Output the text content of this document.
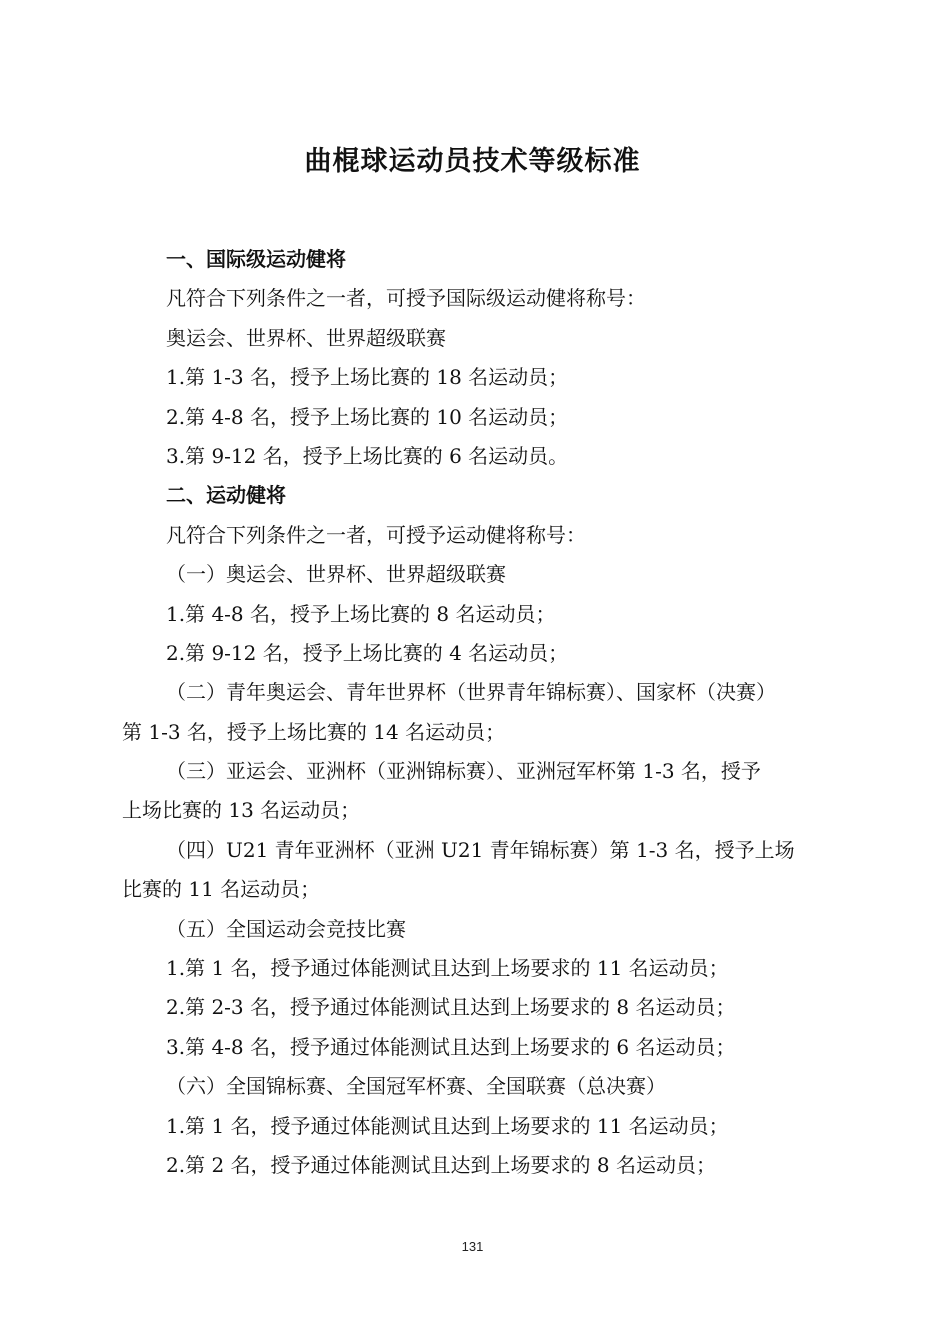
曲棍球运动员技术等级标准
一、国际级运动健将
凡符合下列条件之一者，可授予国际级运动健将称号：
奥运会、世界杯、世界超级联赛
1.第 1-3 名，授予上场比赛的 18 名运动员；
2.第 4-8 名，授予上场比赛的 10 名运动员；
3.第 9-12 名，授予上场比赛的 6 名运动员。
二、运动健将
凡符合下列条件之一者，可授予运动健将称号：
（一）奥运会、世界杯、世界超级联赛
1.第 4-8 名，授予上场比赛的 8 名运动员；
2.第 9-12 名，授予上场比赛的 4 名运动员；
（二）青年奥运会、青年世界杯（世界青年锦标赛）、国家杯（决赛）
第 1-3 名，授予上场比赛的 14 名运动员；
（三）亚运会、亚洲杯（亚洲锦标赛）、亚洲冠军杯第 1-3 名，授予
上场比赛的 13 名运动员；
（四）U21 青年亚洲杯（亚洲 U21 青年锦标赛）第 1-3 名，授予上场
比赛的 11 名运动员；
（五）全国运动会竞技比赛
1.第 1 名，授予通过体能测试且达到上场要求的 11 名运动员；
2.第 2-3 名，授予通过体能测试且达到上场要求的 8 名运动员；
3.第 4-8 名，授予通过体能测试且达到上场要求的 6 名运动员；
（六）全国锦标赛、全国冠军杯赛、全国联赛（总决赛）
1.第 1 名，授予通过体能测试且达到上场要求的 11 名运动员；
2.第 2 名，授予通过体能测试且达到上场要求的 8 名运动员；
131
